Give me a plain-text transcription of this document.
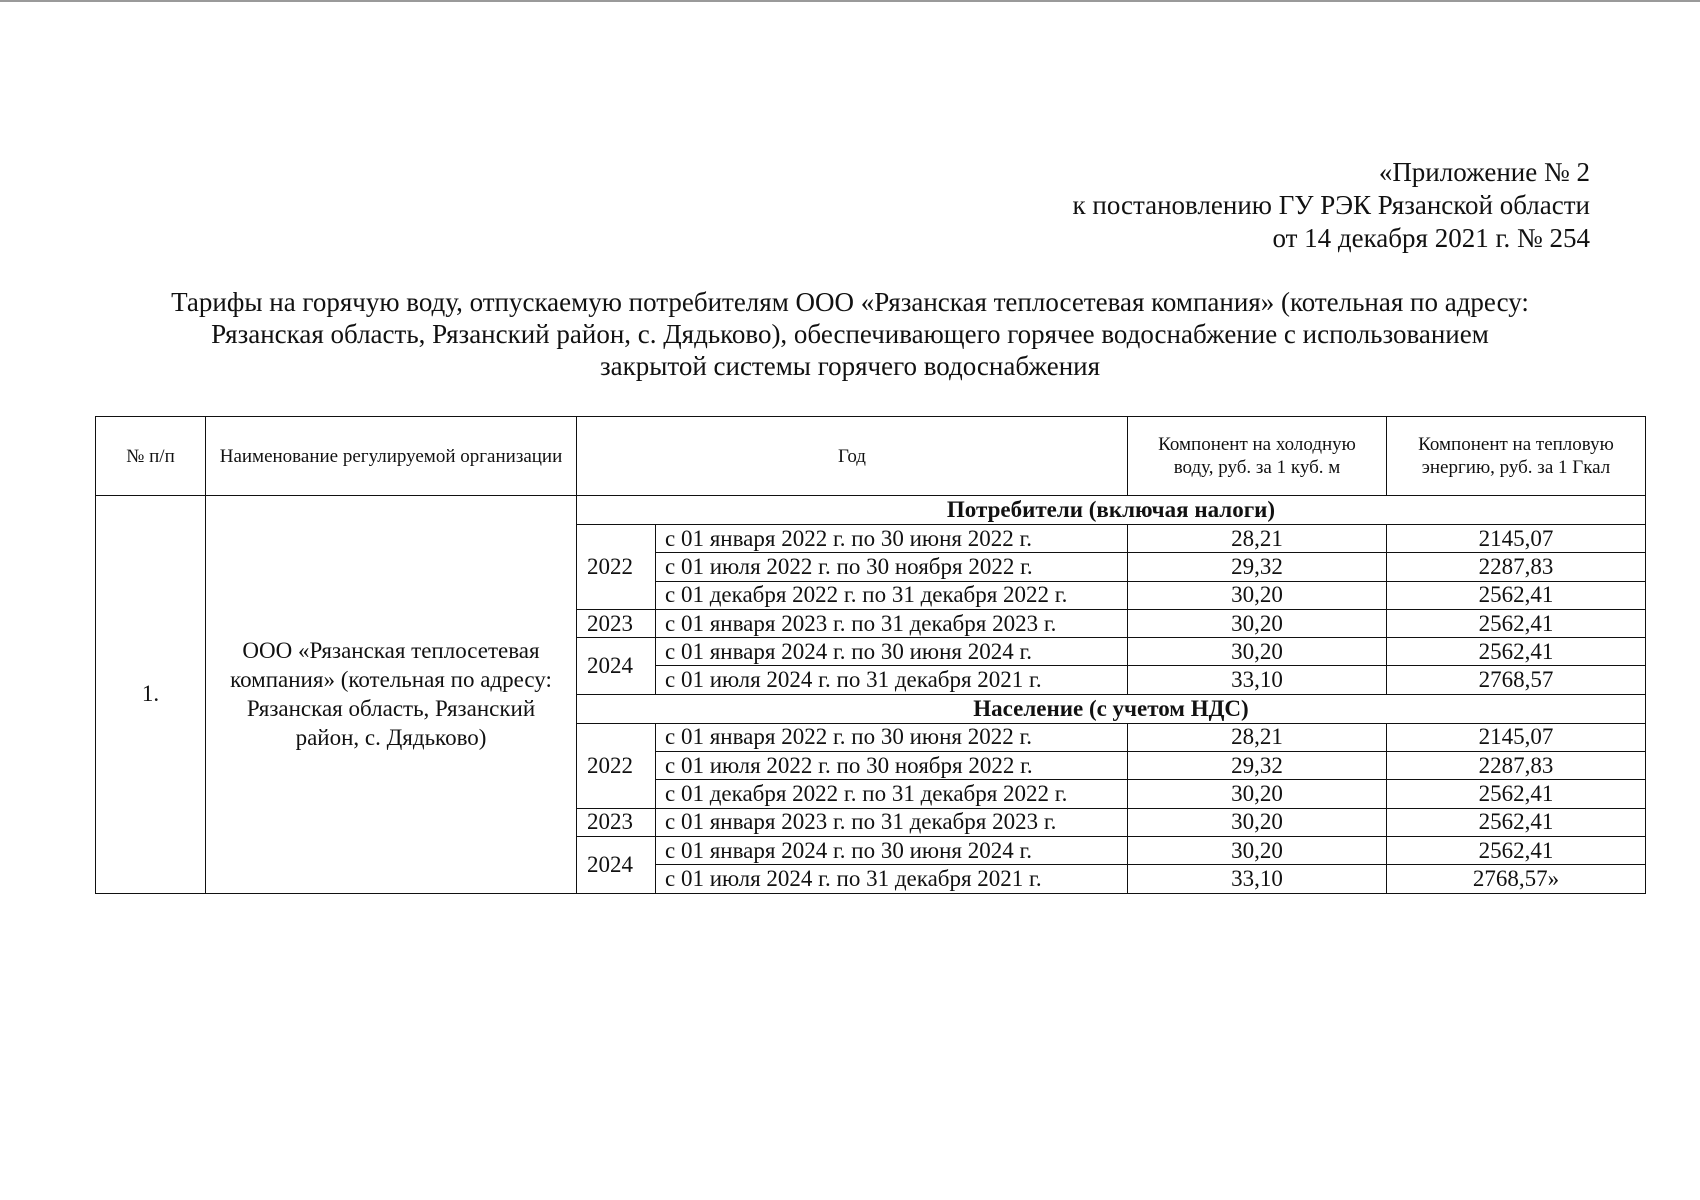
«Приложение № 2
к постановлению ГУ РЭК Рязанской области
от 14 декабря 2021 г. № 254
Тарифы на горячую воду, отпускаемую потребителям ООО «Рязанская теплосетевая компания» (котельная по адресу:
Рязанская область, Рязанский район, с. Дядьково), обеспечивающего горячее водоснабжение с использованием
закрытой системы горячего водоснабжения
№ п/п	Наименование регулируемой организации	Год		Компонент на холодную воду, руб. за 1 куб. м	Компонент на тепловую энергию, руб. за 1 Гкал
1.	ООО «Рязанская теплосетевая компания» (котельная по адресу: Рязанская область, Рязанский район, с. Дядьково)	Потребители (включая налоги)			
		2022	с 01 января 2022 г. по 30 июня 2022 г.	28,21	2145,07
			с 01 июля 2022 г. по 30 ноября 2022 г.	29,32	2287,83
			с 01 декабря 2022 г. по 31 декабря 2022 г.	30,20	2562,41
		2023	с 01 января 2023 г. по 31 декабря 2023 г.	30,20	2562,41
		2024	с 01 января 2024 г. по 30 июня 2024 г.	30,20	2562,41
			с 01 июля 2024 г. по 31 декабря 2021 г.	33,10	2768,57
		Население (с учетом НДС)			
		2022	с 01 января 2022 г. по 30 июня 2022 г.	28,21	2145,07
			с 01 июля 2022 г. по 30 ноября 2022 г.	29,32	2287,83
			с 01 декабря 2022 г. по 31 декабря 2022 г.	30,20	2562,41
		2023	с 01 января 2023 г. по 31 декабря 2023 г.	30,20	2562,41
		2024	с 01 января 2024 г. по 30 июня 2024 г.	30,20	2562,41
			с 01 июля 2024 г. по 31 декабря 2021 г.	33,10	2768,57»
